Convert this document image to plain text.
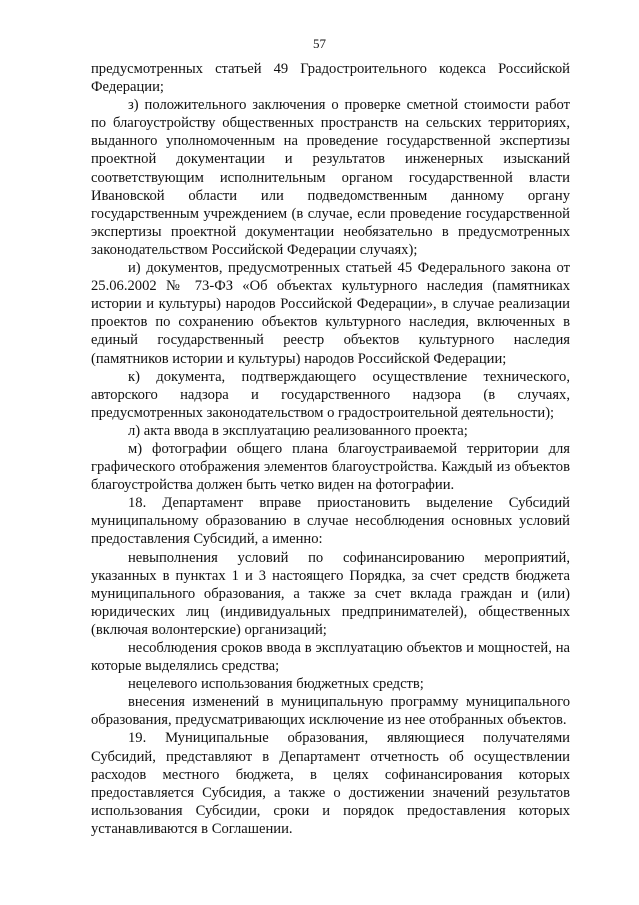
57

предусмотренных статьей 49 Градостроительного кодекса Российской Федерации;

з) положительного заключения о проверке сметной стоимости работ по благоустройству общественных пространств на сельских территориях, выданного уполномоченным на проведение государственной экспертизы проектной документации и результатов инженерных изысканий соответствующим исполнительным органом государственной власти Ивановской области или подведомственным данному органу государственным учреждением (в случае, если проведение государственной экспертизы проектной документации необязательно в предусмотренных законодательством Российской Федерации случаях);

и) документов, предусмотренных статьей 45 Федерального закона от 25.06.2002 № 73-ФЗ «Об объектах культурного наследия (памятниках истории и культуры) народов Российской Федерации», в случае реализации проектов по сохранению объектов культурного наследия, включенных в единый государственный реестр объектов культурного наследия (памятников истории и культуры) народов Российской Федерации;

к) документа, подтверждающего осуществление технического, авторского надзора и государственного надзора (в случаях, предусмотренных законодательством о градостроительной деятельности);

л) акта ввода в эксплуатацию реализованного проекта;

м) фотографии общего плана благоустраиваемой территории для графического отображения элементов благоустройства. Каждый из объектов благоустройства должен быть четко виден на фотографии.

18. Департамент вправе приостановить выделение Субсидий муниципальному образованию в случае несоблюдения основных условий предоставления Субсидий, а именно:

невыполнения условий по софинансированию мероприятий, указанных в пунктах 1 и 3 настоящего Порядка, за счет средств бюджета муниципального образования, а также за счет вклада граждан и (или) юридических лиц (индивидуальных предпринимателей), общественных (включая волонтерские) организаций;

несоблюдения сроков ввода в эксплуатацию объектов и мощностей, на которые выделялись средства;

нецелевого использования бюджетных средств;

внесения изменений в муниципальную программу муниципального образования, предусматривающих исключение из нее отобранных объектов.

19. Муниципальные образования, являющиеся получателями Субсидий, представляют в Департамент отчетность об осуществлении расходов местного бюджета, в целях софинансирования которых предоставляется Субсидия, а также о достижении значений результатов использования Субсидии, сроки и порядок предоставления которых устанавливаются в Соглашении.
